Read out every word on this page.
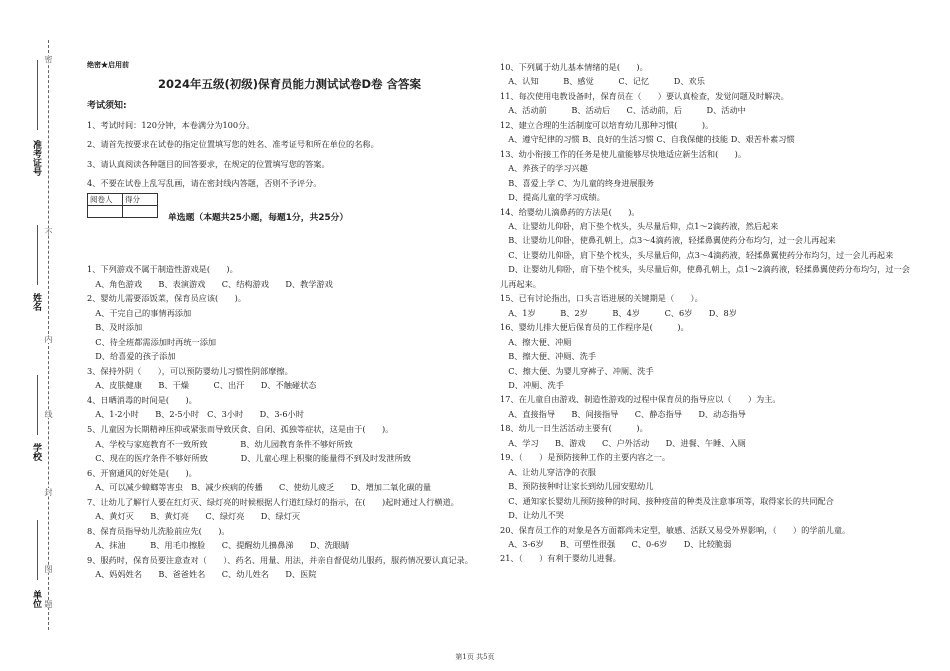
准考证号
姓名
学校
单位
密
不
内
线
封
图
题
绝密★启用前
2024年五级(初级)保育员能力测试试卷D卷 含答案
考试须知:
1、考试时间：120分钟，本卷满分为100分。
2、请首先按要求在试卷的指定位置填写您的姓名、准考证号和所在单位的名称。
3、请认真阅读各种题目的回答要求，在规定的位置填写您的答案。
4、不要在试卷上乱写乱画，请在密封线内答题，否则不予评分。
阅卷人	得分

单选题（本题共25小题，每题1分，共25分）
1、下列游戏不属于制造性游戏是(　　)。
　A、角色游戏　　B、表演游戏　　C、结构游戏　　D、教学游戏
2、婴幼儿需要添饭菜，保育员应该(　　)。
　A、干完自己的事情再添加
　B、及时添加
　C、待全班都需添加时再统一添加
　D、给喜爱的孩子添加
3、保持外阴（　　），可以预防婴幼儿习惯性阴部摩擦。
　A、皮肤健康　　B、干燥　　　C、出汗　　D、不触碰状态
4、日晒消毒的时间是(　　)。
　A、1-2小时　　B、2-5小时　C、3小时　　D、3-6小时
5、儿童因为长期精神压抑或紧张而导致厌食、自闭、孤独等症状，这是由于(　　)。
　A、学校与家庭教育不一致所致　　　　B、幼儿园教育条件不够好所致
　C、现在的医疗条件不够好所致　　　　D、儿童心理上积聚的能量得不到及时发泄所致
6、开窗通风的好处是(　　)。
　A、可以减少蟑螂等害虫　B、减少疾病的传播　　C、使幼儿疲乏　　D、增加二氧化碳的量
7、让幼儿了解行人要在红灯灭、绿灯亮的时候根据人行道红绿灯的指示，在(　　)起时通过人行横道。
　A、黄灯灭　　B、黄灯亮　　C、绿灯亮　　D、绿灯灭
8、保育员指导幼儿洗脸前应先(　　)。
　A、抹油　　　B、用毛巾擦脸　　C、提醒幼儿擤鼻涕　　D、洗眼睛
9、服药时，保育员要注意查对（　　）、药名、用量、用法，并亲自督促幼儿服药，服药情况要认真记录。
　A、妈妈姓名　　B、爸爸姓名　　C、幼儿姓名　　D、医院
10、下列属于幼儿基本情绪的是(　　)。
　A、认知　　　B、感觉　　　C、记忆　　　D、欢乐
11、每次使用电教设备时，保育员在（　　）要认真检查，发觉问题及时解决。
　A、活动前　　　B、活动后　　C、活动前，后　　　D、活动中
12、建立合理的生活制度可以培育幼儿那种习惯(　　　)。
　A、遵守纪律的习惯 B、良好的生活习惯 C、自我保健的技能 D、艰苦朴素习惯
13、幼小衔接工作的任务是使儿童能够尽快地适应新生活和(　　)。
　A、养孩子的学习兴趣
　B、喜爱上学 C、为儿童的终身进展服务
　D、提高儿童的学习成绩。
14、给婴幼儿滴鼻药的方法是(　　)。
　A、让婴幼儿仰卧，肩下垫个枕头，头尽量后仰，点1～2滴药液，然后起来
　B、让婴幼儿仰卧，使鼻孔朝上，点3～4滴药液，轻揉鼻翼使药分布均匀，过一会儿再起来
　C、让婴幼儿仰卧，肩下垫个枕头，头尽量后仰，点3～4滴药液，轻揉鼻翼使药分布均匀，过一会儿再起来
　D、让婴幼儿仰卧，肩下垫个枕头，头尽量后仰，使鼻孔朝上，点1～2滴药液，轻揉鼻翼使药分布均匀，过一会儿再起来。
15、已有讨论指出，口头言语进展的关键期是（　　）。
　A、1岁　　　B、2岁　　　B、4岁　　　C、6岁　　D、8岁
16、婴幼儿排大便后保育员的工作程序是(　　　)。
　A、擦大便、冲厕
　B、擦大便、冲厕、洗手
　C、擦大便、为婴儿穿裤子、冲厕、洗手
　D、冲厕、洗手
17、在儿童自由游戏、制造性游戏的过程中保育员的指导应以（　　）为主。
　A、直接指导　　B、间接指导　　C、静态指导　　D、动态指导
18、幼儿一日生活活动主要有(　　　)。
　A、学习　　B、游戏　　C、户外活动　　D、进餐、午睡、入厕
19、（　　）是预防接种工作的主要内容之一。
　A、让幼儿穿洁净的衣服
　B、预防接种时让家长到幼儿园安慰幼儿
　C、通知家长婴幼儿预防接种的时间、接种疫苗的种类及注意事项等，取得家长的共同配合
　D、让幼儿不哭
20、保育员工作的对象是各方面都尚未定型，敏感、活跃又易受外界影响，（　　）的学前儿童。
　A、3-6岁　　B、可塑性很强　　C、0-6岁　　D、比较脆弱
21、（　　）有利于婴幼儿进餐。
第1页 共5页
